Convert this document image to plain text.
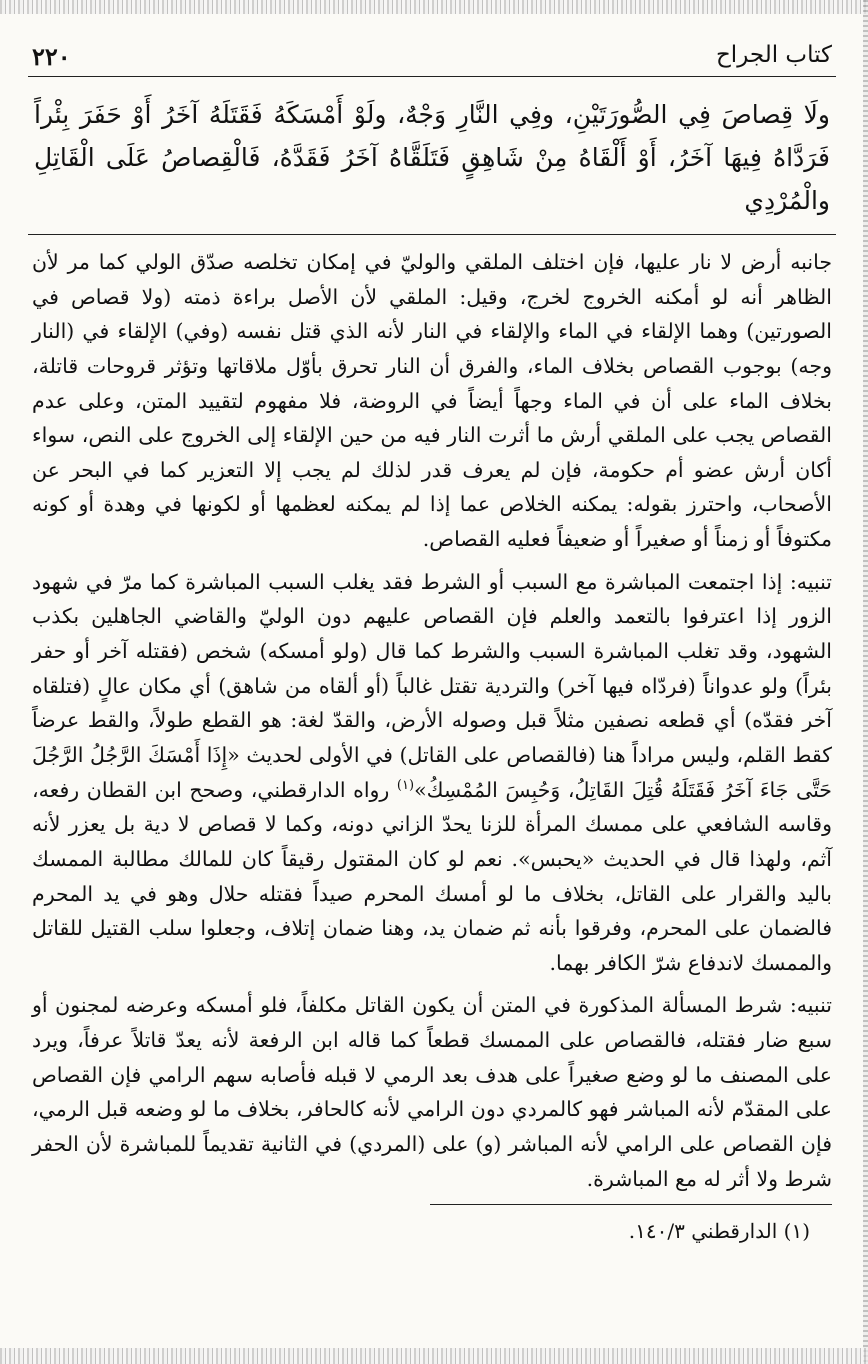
كتاب الجراح
٢٢٠

ولَا قِصاصَ فِي الصُّورَتَيْنِ، وفِي النَّارِ وَجْهٌ، ولَوْ أَمْسَكَهُ فَقَتَلَهُ آخَرُ أَوْ حَفَرَ بِئْراً فَرَدَّاهُ فِيهَا آخَرُ، أَوْ أَلْقَاهُ مِنْ شَاهِقٍ فَتَلَقَّاهُ آخَرُ فَقَدَّهُ، فَالْقِصاصُ عَلَى الْقَاتِلِ والْمُرْدِي

جانبه أرض لا نار عليها، فإن اختلف الملقي والوليّ في إمكان تخلصه صدّق الولي كما مر لأن الظاهر أنه لو أمكنه الخروج لخرج، وقيل: الملقي لأن الأصل براءة ذمته (ولا قصاص في الصورتين) وهما الإلقاء في الماء والإلقاء في النار لأنه الذي قتل نفسه (وفي) الإلقاء في (النار وجه) بوجوب القصاص بخلاف الماء، والفرق أن النار تحرق بأوّل ملاقاتها وتؤثر قروحات قاتلة، بخلاف الماء على أن في الماء وجهاً أيضاً في الروضة، فلا مفهوم لتقييد المتن، وعلى عدم القصاص يجب على الملقي أرش ما أثرت النار فيه من حين الإلقاء إلى الخروج على النص، سواء أكان أرش عضو أم حكومة، فإن لم يعرف قدر لذلك لم يجب إلا التعزير كما في البحر عن الأصحاب، واحترز بقوله: يمكنه الخلاص عما إذا لم يمكنه لعظمها أو لكونها في وهدة أو كونه مكتوفاً أو زمناً أو صغيراً أو ضعيفاً فعليه القصاص.

تنبيه: إذا اجتمعت المباشرة مع السبب أو الشرط فقد يغلب السبب المباشرة كما مرّ في شهود الزور إذا اعترفوا بالتعمد والعلم فإن القصاص عليهم دون الوليّ والقاضي الجاهلين بكذب الشهود، وقد تغلب المباشرة السبب والشرط كما قال (ولو أمسكه) شخص (فقتله آخر أو حفر بئراً) ولو عدواناً (فردّاه فيها آخر) والتردية تقتل غالباً (أو ألقاه من شاهق) أي مكان عالٍ (فتلقاه آخر فقدّه) أي قطعه نصفين مثلاً قبل وصوله الأرض، والقدّ لغة: هو القطع طولاً، والقط عرضاً كقط القلم، وليس مراداً هنا (فالقصاص على القاتل) في الأولى لحديث «إِذَا أَمْسَكَ الرَّجُلُ الرَّجُلَ حَتَّى جَاءَ آخَرُ فَقَتَلَهُ قُتِلَ القَاتِلُ، وَحُبِسَ المُمْسِكُ»$^{(١)}$ رواه الدارقطني، وصحح ابن القطان رفعه، وقاسه الشافعي على ممسك المرأة للزنا يحدّ الزاني دونه، وكما لا قصاص لا دية بل يعزر لأنه آثم، ولهذا قال في الحديث «يحبس». نعم لو كان المقتول رقيقاً كان للمالك مطالبة الممسك باليد والقرار على القاتل، بخلاف ما لو أمسك المحرم صيداً فقتله حلال وهو في يد المحرم فالضمان على المحرم، وفرقوا بأنه ثم ضمان يد، وهنا ضمان إتلاف، وجعلوا سلب القتيل للقاتل والممسك لاندفاع شرّ الكافر بهما.

تنبيه: شرط المسألة المذكورة في المتن أن يكون القاتل مكلفاً، فلو أمسكه وعرضه لمجنون أو سبع ضار فقتله، فالقصاص على الممسك قطعاً كما قاله ابن الرفعة لأنه يعدّ قاتلاً عرفاً، ويرد على المصنف ما لو وضع صغيراً على هدف بعد الرمي لا قبله فأصابه سهم الرامي فإن القصاص على المقدّم لأنه المباشر فهو كالمردي دون الرامي لأنه كالحافر، بخلاف ما لو وضعه قبل الرمي، فإن القصاص على الرامي لأنه المباشر (و) على (المردي) في الثانية تقديماً للمباشرة لأن الحفر شرط ولا أثر له مع المباشرة.

(١) الدارقطني ١٤٠/٣.
